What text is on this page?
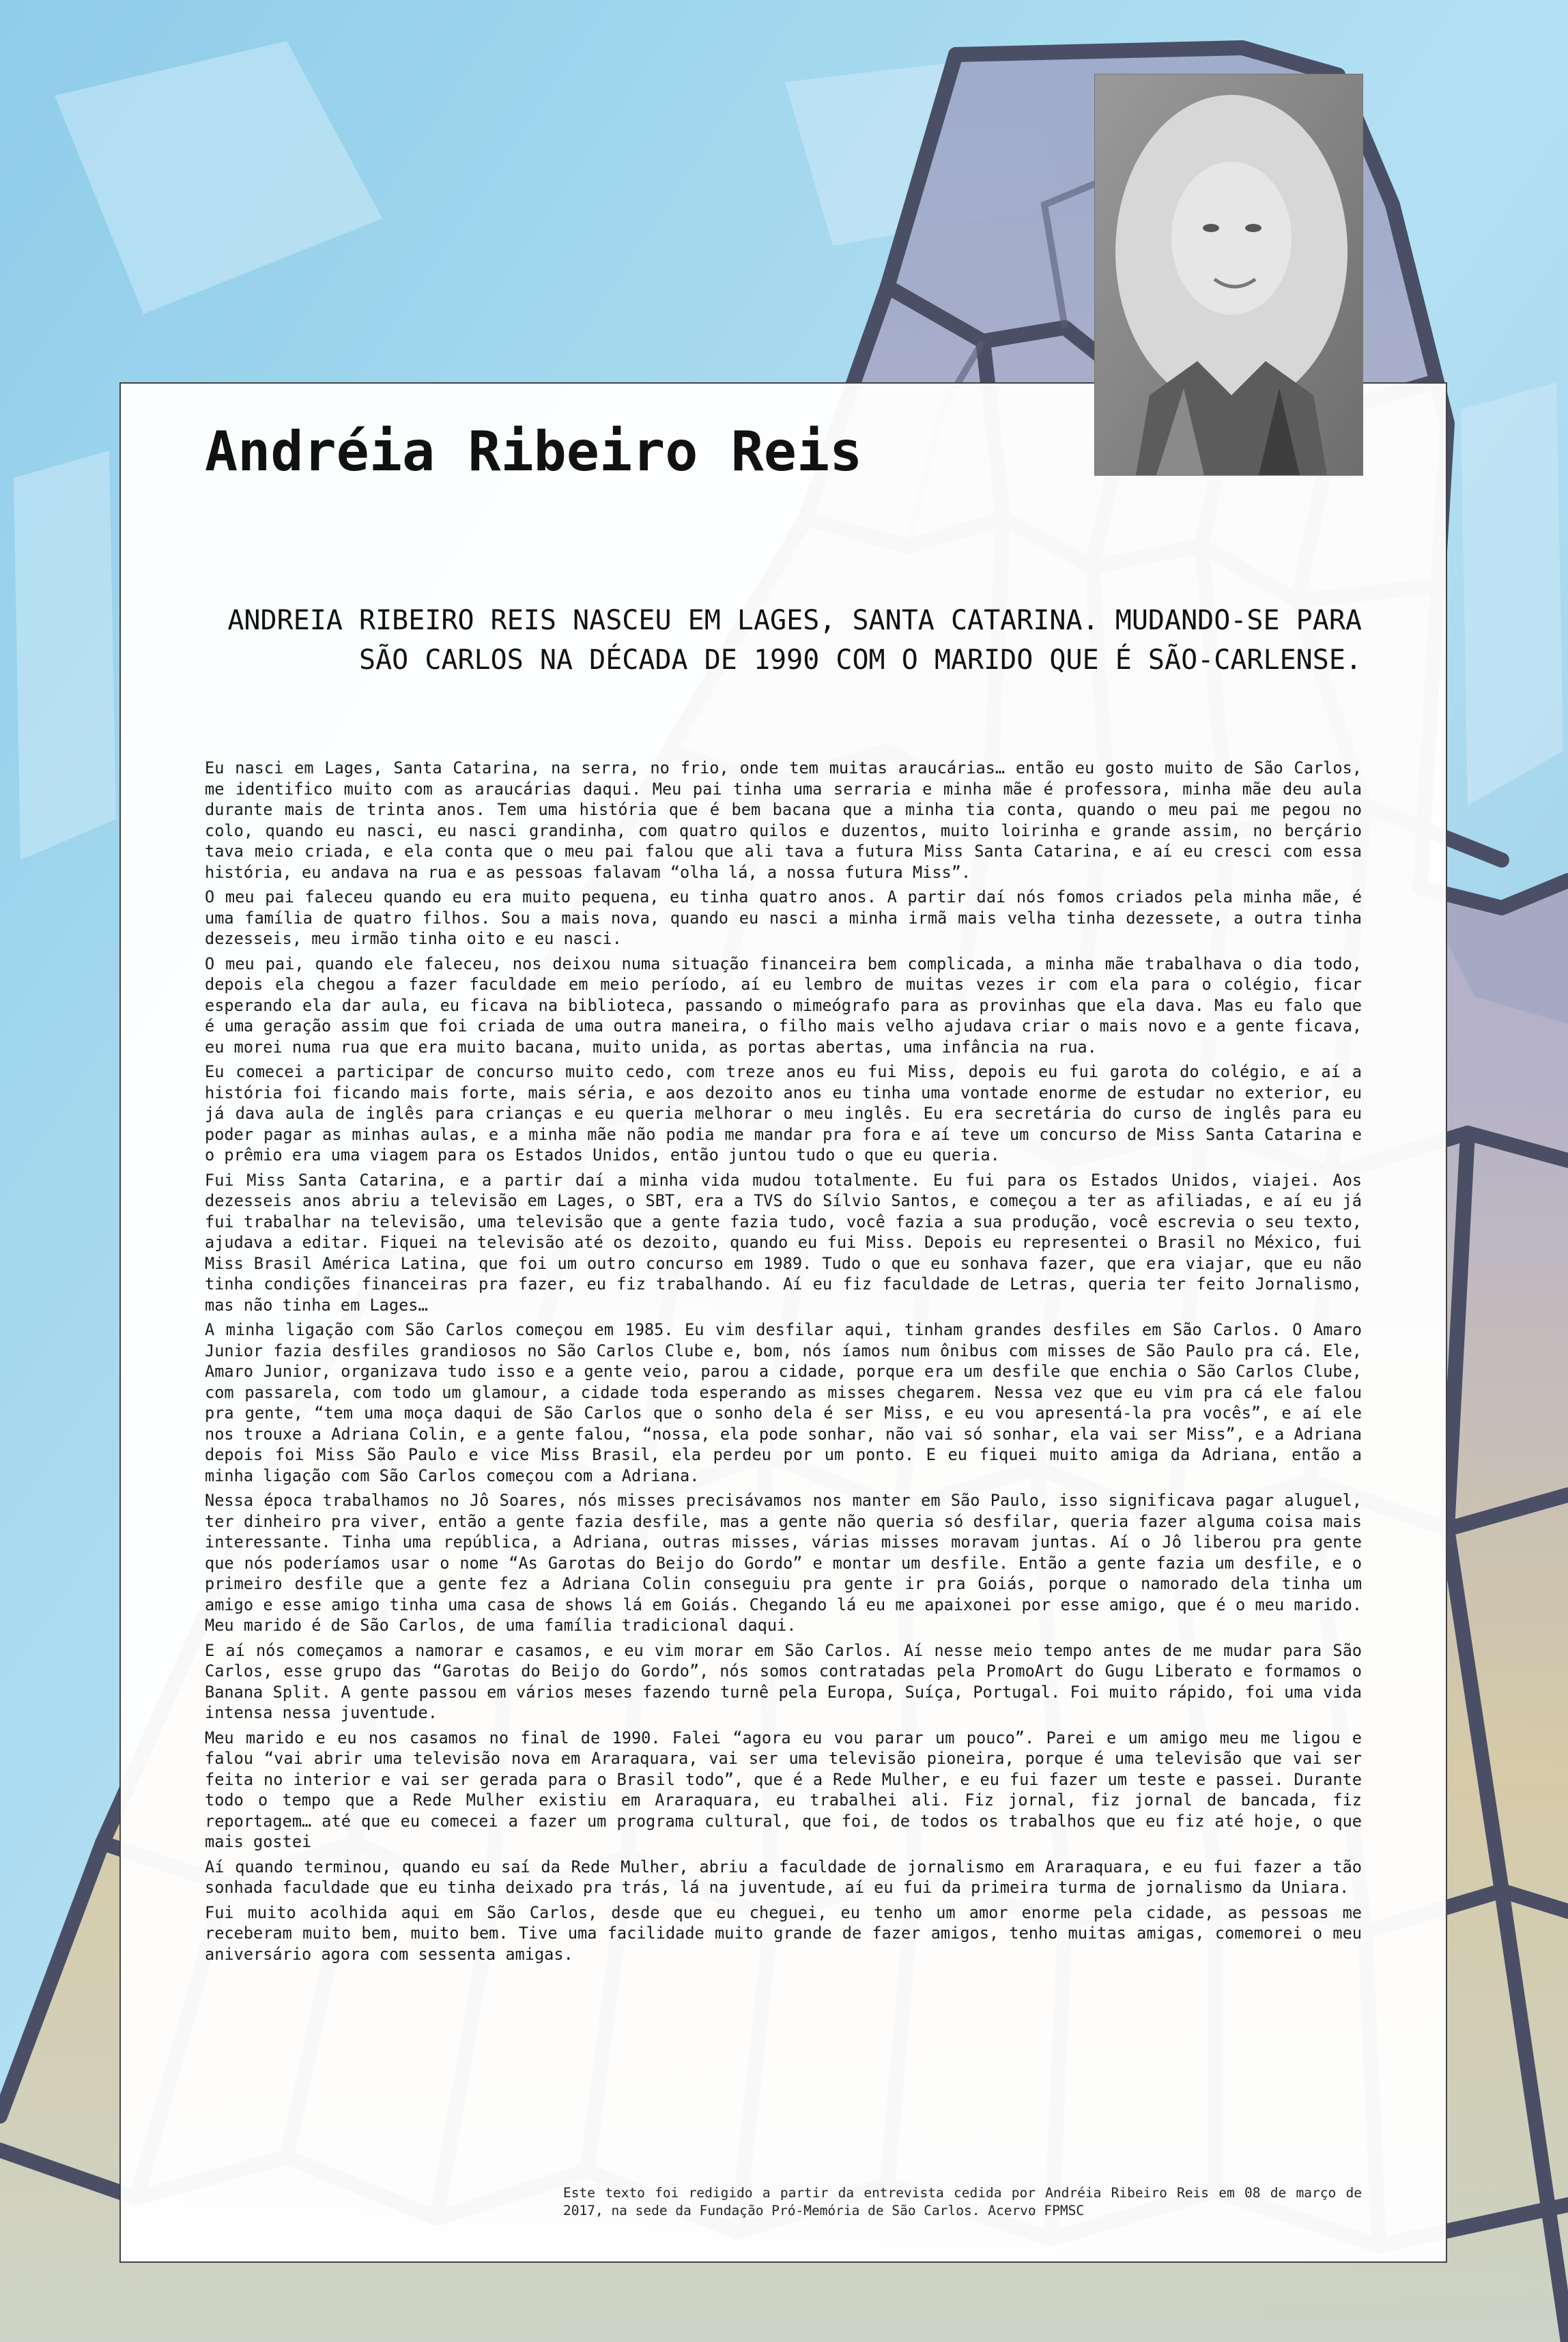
Andréia Ribeiro Reis
ANDREIA RIBEIRO REIS NASCEU EM LAGES, SANTA CATARINA. MUDANDO-SE PARA SÃO CARLOS NA DÉCADA DE 1990 COM O MARIDO QUE É SÃO-CARLENSE.

Eu nasci em Lages, Santa Catarina, na serra, no frio, onde tem muitas araucárias… então eu gosto muito de São Carlos, me identifico muito com as araucárias daqui. Meu pai tinha uma serraria e minha mãe é professora, minha mãe deu aula durante mais de trinta anos. Tem uma história que é bem bacana que a minha tia conta, quando o meu pai me pegou no colo, quando eu nasci, eu nasci grandinha, com quatro quilos e duzentos, muito loirinha e grande assim, no berçário tava meio criada, e ela conta que o meu pai falou que ali tava a futura Miss Santa Catarina, e aí eu cresci com essa história, eu andava na rua e as pessoas falavam “olha lá, a nossa futura Miss”.

O meu pai faleceu quando eu era muito pequena, eu tinha quatro anos. A partir daí nós fomos criados pela minha mãe, é uma família de quatro filhos. Sou a mais nova, quando eu nasci a minha irmã mais velha tinha dezessete, a outra tinha dezesseis, meu irmão tinha oito e eu nasci.

O meu pai, quando ele faleceu, nos deixou numa situação financeira bem complicada, a minha mãe trabalhava o dia todo, depois ela chegou a fazer faculdade em meio período, aí eu lembro de muitas vezes ir com ela para o colégio, ficar esperando ela dar aula, eu ficava na biblioteca, passando o mimeógrafo para as provinhas que ela dava. Mas eu falo que é uma geração assim que foi criada de uma outra maneira, o filho mais velho ajudava criar o mais novo e a gente ficava, eu morei numa rua que era muito bacana, muito unida, as portas abertas, uma infância na rua.

Eu comecei a participar de concurso muito cedo, com treze anos eu fui Miss, depois eu fui garota do colégio, e aí a história foi ficando mais forte, mais séria, e aos dezoito anos eu tinha uma vontade enorme de estudar no exterior, eu já dava aula de inglês para crianças e eu queria melhorar o meu inglês. Eu era secretária do curso de inglês para eu poder pagar as minhas aulas, e a minha mãe não podia me mandar pra fora e aí teve um concurso de Miss Santa Catarina e o prêmio era uma viagem para os Estados Unidos, então juntou tudo o que eu queria.

Fui Miss Santa Catarina, e a partir daí a minha vida mudou totalmente. Eu fui para os Estados Unidos, viajei. Aos dezesseis anos abriu a televisão em Lages, o SBT, era a TVS do Sílvio Santos, e começou a ter as afiliadas, e aí eu já fui trabalhar na televisão, uma televisão que a gente fazia tudo, você fazia a sua produção, você escrevia o seu texto, ajudava a editar. Fiquei na televisão até os dezoito, quando eu fui Miss. Depois eu representei o Brasil no México, fui Miss Brasil América Latina, que foi um outro concurso em 1989. Tudo o que eu sonhava fazer, que era viajar, que eu não tinha condições financeiras pra fazer, eu fiz trabalhando. Aí eu fiz faculdade de Letras, queria ter feito Jornalismo, mas não tinha em Lages…

A minha ligação com São Carlos começou em 1985. Eu vim desfilar aqui, tinham grandes desfiles em São Carlos. O Amaro Junior fazia desfiles grandiosos no São Carlos Clube e, bom, nós íamos num ônibus com misses de São Paulo pra cá. Ele, Amaro Junior, organizava tudo isso e a gente veio, parou a cidade, porque era um desfile que enchia o São Carlos Clube, com passarela, com todo um glamour, a cidade toda esperando as misses chegarem. Nessa vez que eu vim pra cá ele falou pra gente, “tem uma moça daqui de São Carlos que o sonho dela é ser Miss, e eu vou apresentá-la pra vocês”, e aí ele nos trouxe a Adriana Colin, e a gente falou, “nossa, ela pode sonhar, não vai só sonhar, ela vai ser Miss”, e a Adriana depois foi Miss São Paulo e vice Miss Brasil, ela perdeu por um ponto. E eu fiquei muito amiga da Adriana, então a minha ligação com São Carlos começou com a Adriana.

Nessa época trabalhamos no Jô Soares, nós misses precisávamos nos manter em São Paulo, isso significava pagar aluguel, ter dinheiro pra viver, então a gente fazia desfile, mas a gente não queria só desfilar, queria fazer alguma coisa mais interessante. Tinha uma república, a Adriana, outras misses, várias misses moravam juntas. Aí o Jô liberou pra gente que nós poderíamos usar o nome “As Garotas do Beijo do Gordo” e montar um desfile. Então a gente fazia um desfile, e o primeiro desfile que a gente fez a Adriana Colin conseguiu pra gente ir pra Goiás, porque o namorado dela tinha um amigo e esse amigo tinha uma casa de shows lá em Goiás. Chegando lá eu me apaixonei por esse amigo, que é o meu marido. Meu marido é de São Carlos, de uma família tradicional daqui.

E aí nós começamos a namorar e casamos, e eu vim morar em São Carlos. Aí nesse meio tempo antes de me mudar para São Carlos, esse grupo das “Garotas do Beijo do Gordo”, nós somos contratadas pela PromoArt do Gugu Liberato e formamos o Banana Split. A gente passou em vários meses fazendo turnê pela Europa, Suíça, Portugal. Foi muito rápido, foi uma vida intensa nessa juventude.

Meu marido e eu nos casamos no final de 1990. Falei “agora eu vou parar um pouco”. Parei e um amigo meu me ligou e falou “vai abrir uma televisão nova em Araraquara, vai ser uma televisão pioneira, porque é uma televisão que vai ser feita no interior e vai ser gerada para o Brasil todo”, que é a Rede Mulher, e eu fui fazer um teste e passei. Durante todo o tempo que a Rede Mulher existiu em Araraquara, eu trabalhei ali. Fiz jornal, fiz jornal de bancada, fiz reportagem… até que eu comecei a fazer um programa cultural, que foi, de todos os trabalhos que eu fiz até hoje, o que mais gostei

Aí quando terminou, quando eu saí da Rede Mulher, abriu a faculdade de jornalismo em Araraquara, e eu fui fazer a tão sonhada faculdade que eu tinha deixado pra trás, lá na juventude, aí eu fui da primeira turma de jornalismo da Uniara.

Fui muito acolhida aqui em São Carlos, desde que eu cheguei, eu tenho um amor enorme pela cidade, as pessoas me receberam muito bem, muito bem. Tive uma facilidade muito grande de fazer amigos, tenho muitas amigas, comemorei o meu aniversário agora com sessenta amigas.

Este texto foi redigido a partir da entrevista cedida por Andréia Ribeiro Reis em 08 de março de 2017, na sede da Fundação Pró-Memória de São Carlos. Acervo FPMSC
